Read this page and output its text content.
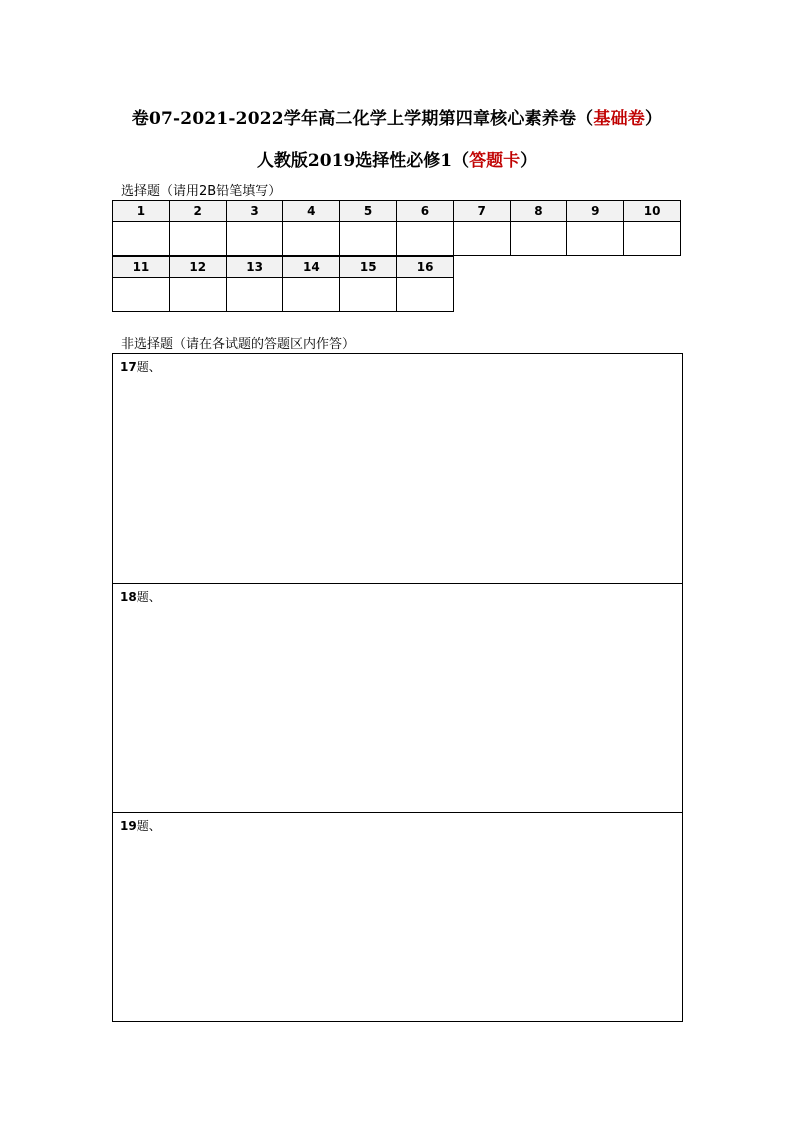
卷07-2021-2022学年高二化学上学期第四章核心素养卷（基础卷）
人教版2019选择性必修1（答题卡）
选择题（请用2B铅笔填写）
1	2	3	4	5	6	7	8	9	10

11	12	13	14	15	16

非选择题（请在各试题的答题区内作答）
17题、
18题、
19题、
